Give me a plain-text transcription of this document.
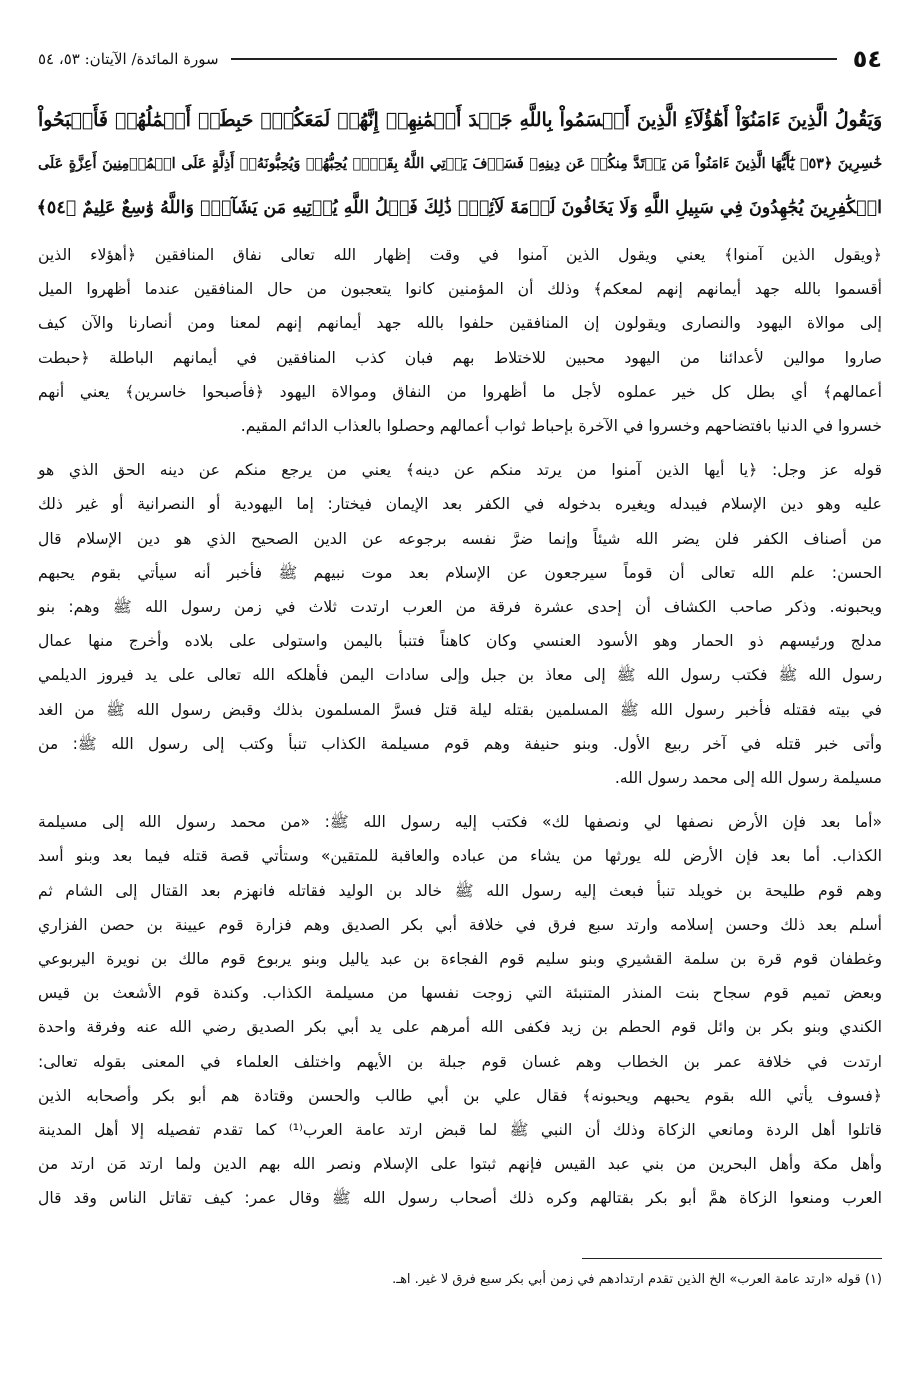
٥٤
سورة المائدة/ الآيتان: ٥٣، ٥٤

وَيَقُولُ الَّذِينَ ءَامَنُوٓاْ أَهَٰٓؤُلَآءِ الَّذِينَ أَقۡسَمُواْ بِاللَّهِ جَهۡدَ أَيۡمَٰنِهِمۡ إِنَّهُمۡ لَمَعَكُمۡۚ حَبِطَتۡ أَعۡمَٰلُهُمۡ فَأَصۡبَحُواْ

خَٰسِرِينَ ﴿٥٣﴾ يَٰٓأَيُّهَا الَّذِينَ ءَامَنُواْ مَن يَرۡتَدَّ مِنكُمۡ عَن دِينِهِۦ فَسَوۡفَ يَأۡتِي اللَّهُ بِقَوۡمٖ يُحِبُّهُمۡ وَيُحِبُّونَهُۥٓ أَذِلَّةٍ عَلَى الۡمُؤۡمِنِينَ أَعِزَّةٍ عَلَى

الۡكَٰفِرِينَ يُجَٰهِدُونَ فِي سَبِيلِ اللَّهِ وَلَا يَخَافُونَ لَوۡمَةَ لَآئِمٖۚ ذَٰلِكَ فَضۡلُ اللَّهِ يُؤۡتِيهِ مَن يَشَآءُۚ وَاللَّهُ وَٰسِعٌ عَلِيمٌ ﴿٥٤﴾

﴿ويقول الذين آمنوا﴾ يعني ويقول الذين آمنوا في وقت إظهار الله تعالى نفاق المنافقين ﴿أهؤلاء الذين
أقسموا بالله جهد أيمانهم إنهم لمعكم﴾ وذلك أن المؤمنين كانوا يتعجبون من حال المنافقين عندما أظهروا الميل
إلى موالاة اليهود والنصارى ويقولون إن المنافقين حلفوا بالله جهد أيمانهم إنهم لمعنا ومن أنصارنا والآن كيف
صاروا موالين لأعدائنا من اليهود محبين للاختلاط بهم فبان كذب المنافقين في أيمانهم الباطلة ﴿حبطت
أعمالهم﴾ أي بطل كل خير عملوه لأجل ما أظهروا من النفاق وموالاة اليهود ﴿فأصبحوا خاسرين﴾ يعني أنهم
خسروا في الدنيا بافتضاحهم وخسروا في الآخرة بإحباط ثواب أعمالهم وحصلوا بالعذاب الدائم المقيم.

قوله عز وجل: ﴿يا أيها الذين آمنوا من يرتد منكم عن دينه﴾ يعني من يرجع منكم عن دينه الحق الذي هو
عليه وهو دين الإسلام فيبدله ويغيره بدخوله في الكفر بعد الإيمان فيختار: إما اليهودية أو النصرانية أو غير ذلك
من أصناف الكفر فلن يضر الله شيئاً وإنما ضرَّ نفسه برجوعه عن الدين الصحيح الذي هو دين الإسلام قال
الحسن: علم الله تعالى أن قوماً سيرجعون عن الإسلام بعد موت نبيهم ﷺ فأخبر أنه سيأتي بقوم يحبهم
ويحبونه. وذكر صاحب الكشاف أن إحدى عشرة فرقة من العرب ارتدت ثلاث في زمن رسول الله ﷺ وهم: بنو
مدلج ورئيسهم ذو الحمار وهو الأسود العنسي وكان كاهناً فتنبأ باليمن واستولى على بلاده وأخرج منها عمال
رسول الله ﷺ فكتب رسول الله ﷺ إلى معاذ بن جبل وإلى سادات اليمن فأهلكه الله تعالى على يد فيروز الديلمي
في بيته فقتله فأخبر رسول الله ﷺ المسلمين بقتله ليلة قتل فسرَّ المسلمون بذلك وقبض رسول الله ﷺ من الغد
وأتى خبر قتله في آخر ربيع الأول. وبنو حنيفة وهم قوم مسيلمة الكذاب تنبأ وكتب إلى رسول الله ﷺ: من
مسيلمة رسول الله إلى محمد رسول الله.

«أما بعد فإن الأرض نصفها لي ونصفها لك» فكتب إليه رسول الله ﷺ: «من محمد رسول الله إلى مسيلمة
الكذاب. أما بعد فإن الأرض لله يورثها من يشاء من عباده والعاقبة للمتقين» وستأتي قصة قتله فيما بعد وبنو أسد
وهم قوم طليحة بن خويلد تنبأ فبعث إليه رسول الله ﷺ خالد بن الوليد فقاتله فانهزم بعد القتال إلى الشام ثم
أسلم بعد ذلك وحسن إسلامه وارتد سبع فرق في خلافة أبي بكر الصديق وهم فزارة قوم عيينة بن حصن الفزاري
وغطفان قوم قرة بن سلمة القشيري وبنو سليم قوم الفجاءة بن عبد ياليل وبنو يربوع قوم مالك بن نويرة اليربوعي
وبعض تميم قوم سجاح بنت المنذر المتنبئة التي زوجت نفسها من مسيلمة الكذاب. وكندة قوم الأشعث بن قيس
الكندي وبنو بكر بن وائل قوم الحطم بن زيد فكفى الله أمرهم على يد أبي بكر الصديق رضي الله عنه وفرقة واحدة
ارتدت في خلافة عمر بن الخطاب وهم غسان قوم جبلة بن الأيهم واختلف العلماء في المعنى بقوله تعالى:
﴿فسوف يأتي الله بقوم يحبهم ويحبونه﴾ فقال علي بن أبي طالب والحسن وقتادة هم أبو بكر وأصحابه الذين
قاتلوا أهل الردة ومانعي الزكاة وذلك أن النبي ﷺ لما قبض ارتد عامة العرب⁽¹⁾ كما تقدم تفصيله إلا أهل المدينة
وأهل مكة وأهل البحرين من بني عبد القيس فإنهم ثبتوا على الإسلام ونصر الله بهم الدين ولما ارتد مَن ارتد من
العرب ومنعوا الزكاة همَّ أبو بكر بقتالهم وكره ذلك أصحاب رسول الله ﷺ وقال عمر: كيف تقاتل الناس وقد قال

(١) قوله «ارتد عامة العرب» الخ الذين تقدم ارتدادهم في زمن أبي بكر سبع فرق لا غير. اهـ.
